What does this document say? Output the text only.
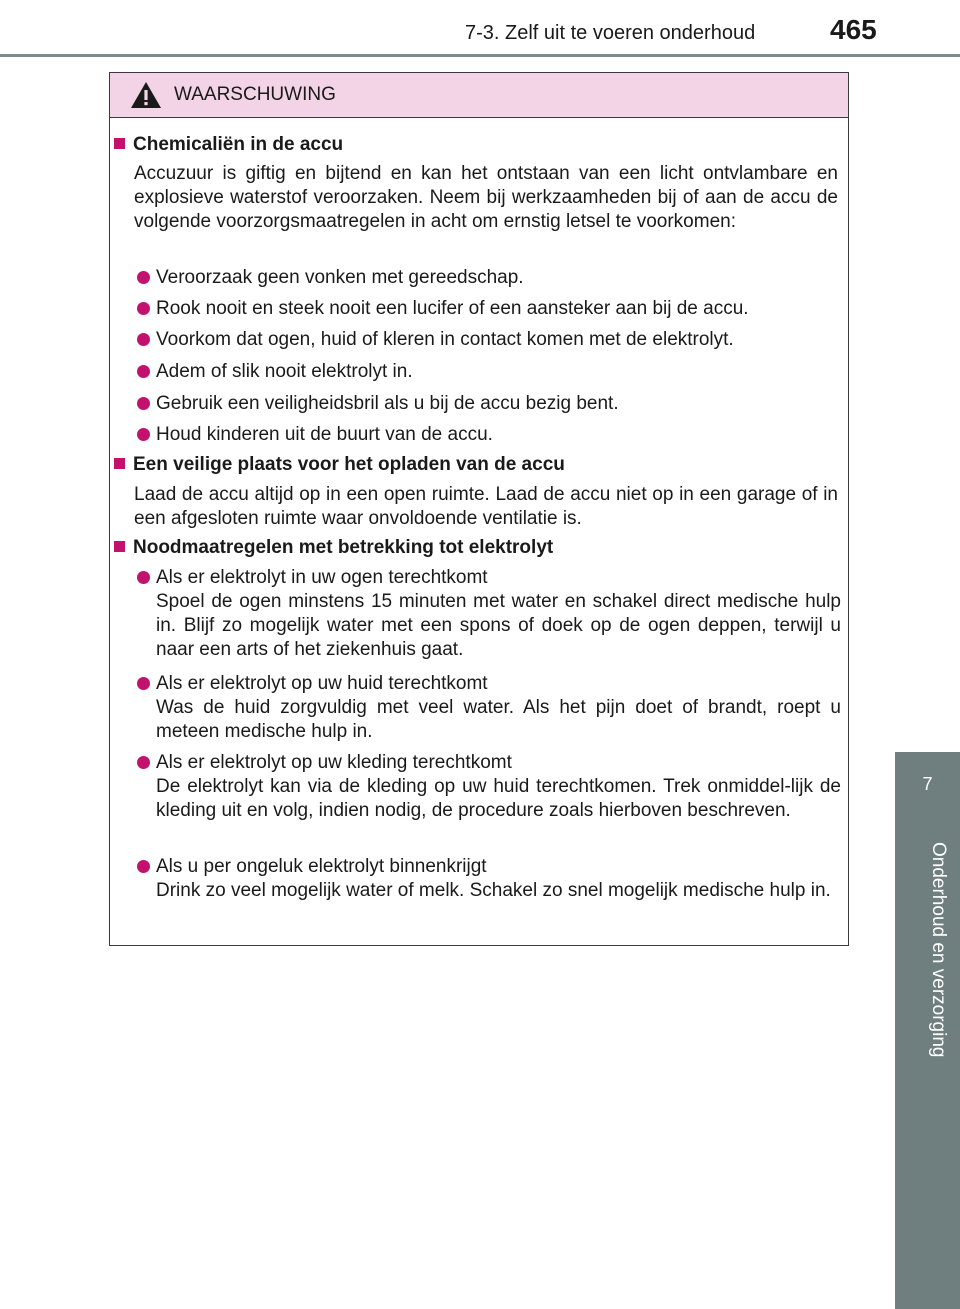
7-3. Zelf uit te voeren onderhoud	465
7
Onderhoud en verzorging
WAARSCHUWING
Chemicaliën in de accu
Accuzuur is giftig en bijtend en kan het ontstaan van een licht ontvlambare en explosieve waterstof veroorzaken. Neem bij werkzaamheden bij of aan de accu de volgende voorzorgsmaatregelen in acht om ernstig letsel te voorkomen:
Veroorzaak geen vonken met gereedschap.
Rook nooit en steek nooit een lucifer of een aansteker aan bij de accu.
Voorkom dat ogen, huid of kleren in contact komen met de elektrolyt.
Adem of slik nooit elektrolyt in.
Gebruik een veiligheidsbril als u bij de accu bezig bent.
Houd kinderen uit de buurt van de accu.
Een veilige plaats voor het opladen van de accu
Laad de accu altijd op in een open ruimte. Laad de accu niet op in een garage of in een afgesloten ruimte waar onvoldoende ventilatie is.
Noodmaatregelen met betrekking tot elektrolyt
Als er elektrolyt in uw ogen terechtkomt
Spoel de ogen minstens 15 minuten met water en schakel direct medische hulp in. Blijf zo mogelijk water met een spons of doek op de ogen deppen, terwijl u naar een arts of het ziekenhuis gaat.
Als er elektrolyt op uw huid terechtkomt
Was de huid zorgvuldig met veel water. Als het pijn doet of brandt, roept u meteen medische hulp in.
Als er elektrolyt op uw kleding terechtkomt
De elektrolyt kan via de kleding op uw huid terechtkomen. Trek onmiddel-lijk de kleding uit en volg, indien nodig, de procedure zoals hierboven beschreven.
Als u per ongeluk elektrolyt binnenkrijgt
Drink zo veel mogelijk water of melk. Schakel zo snel mogelijk medische hulp in.
